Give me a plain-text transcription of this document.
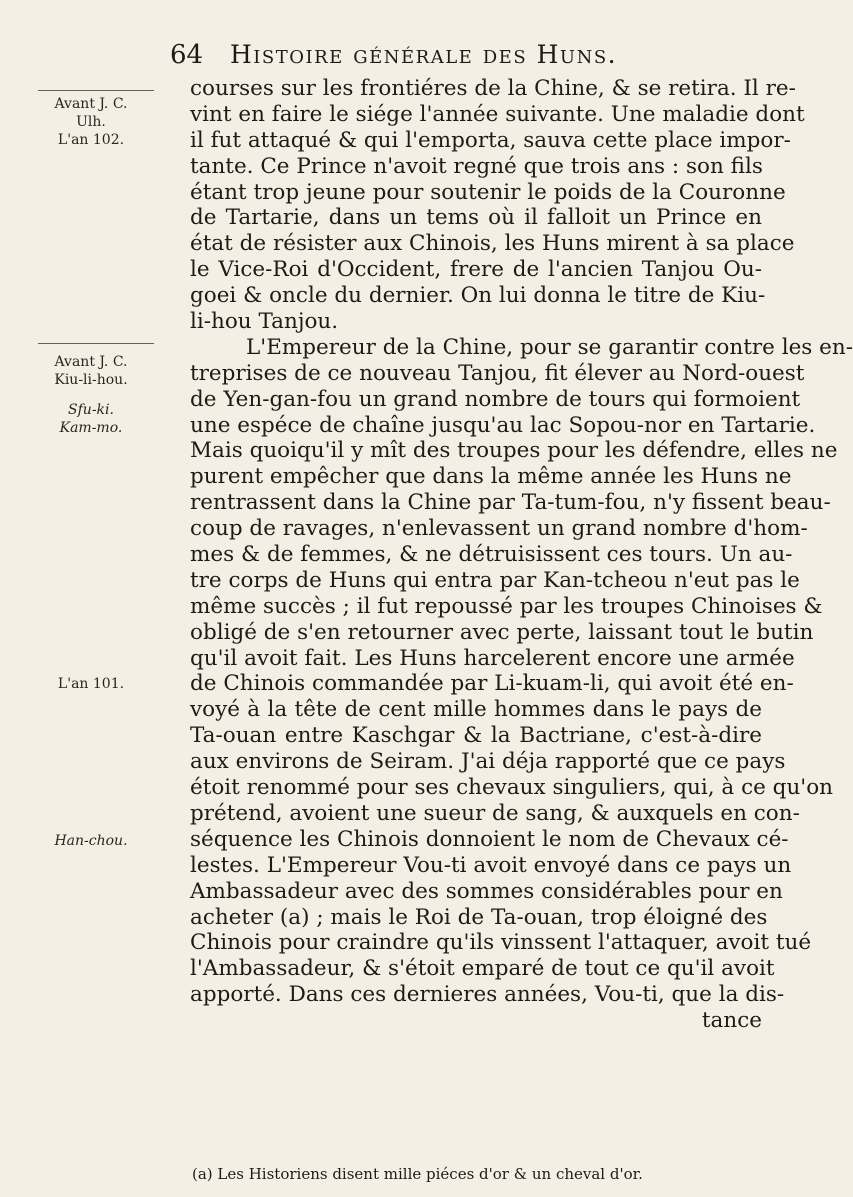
64 Histoire générale des Huns.
Avant J. C.
Ulh.
L'an 102.
Avant J. C.
Kiu-li-hou.
Sfu-ki.
Kam-mo.
L'an 101.
Han-chou.
courses sur les frontiéres de la Chine, & se retira. Il re-
vint en faire le siége l'année suivante. Une maladie dont
il fut attaqué & qui l'emporta, sauva cette place impor-
tante. Ce Prince n'avoit regné que trois ans : son fils
étant trop jeune pour soutenir le poids de la Couronne
de Tartarie, dans un tems où il falloit un Prince en
état de résister aux Chinois, les Huns mirent à sa place
le Vice-Roi d'Occident, frere de l'ancien Tanjou Ou-
goei & oncle du dernier. On lui donna le titre de Kiu-
li-hou Tanjou.
L'Empereur de la Chine, pour se garantir contre les en-
treprises de ce nouveau Tanjou, fit élever au Nord-ouest
de Yen-gan-fou un grand nombre de tours qui formoient
une espéce de chaîne jusqu'au lac Sopou-nor en Tartarie.
Mais quoiqu'il y mît des troupes pour les défendre, elles ne
purent empêcher que dans la même année les Huns ne
rentrassent dans la Chine par Ta-tum-fou, n'y fissent beau-
coup de ravages, n'enlevassent un grand nombre d'hom-
mes & de femmes, & ne détruisissent ces tours. Un au-
tre corps de Huns qui entra par Kan-tcheou n'eut pas le
même succès ; il fut repoussé par les troupes Chinoises &
obligé de s'en retourner avec perte, laissant tout le butin
qu'il avoit fait. Les Huns harcelerent encore une armée
de Chinois commandée par Li-kuam-li, qui avoit été en-
voyé à la tête de cent mille hommes dans le pays de
Ta-ouan entre Kaschgar & la Bactriane, c'est-à-dire
aux environs de Seiram. J'ai déja rapporté que ce pays
étoit renommé pour ses chevaux singuliers, qui, à ce qu'on
prétend, avoient une sueur de sang, & auxquels en con-
séquence les Chinois donnoient le nom de Chevaux cé-
lestes. L'Empereur Vou-ti avoit envoyé dans ce pays un
Ambassadeur avec des sommes considérables pour en
acheter (a) ; mais le Roi de Ta-ouan, trop éloigné des
Chinois pour craindre qu'ils vinssent l'attaquer, avoit tué
l'Ambassadeur, & s'étoit emparé de tout ce qu'il avoit
apporté. Dans ces dernieres années, Vou-ti, que la dis-
tance
(a) Les Historiens disent mille piéces d'or & un cheval d'or.
